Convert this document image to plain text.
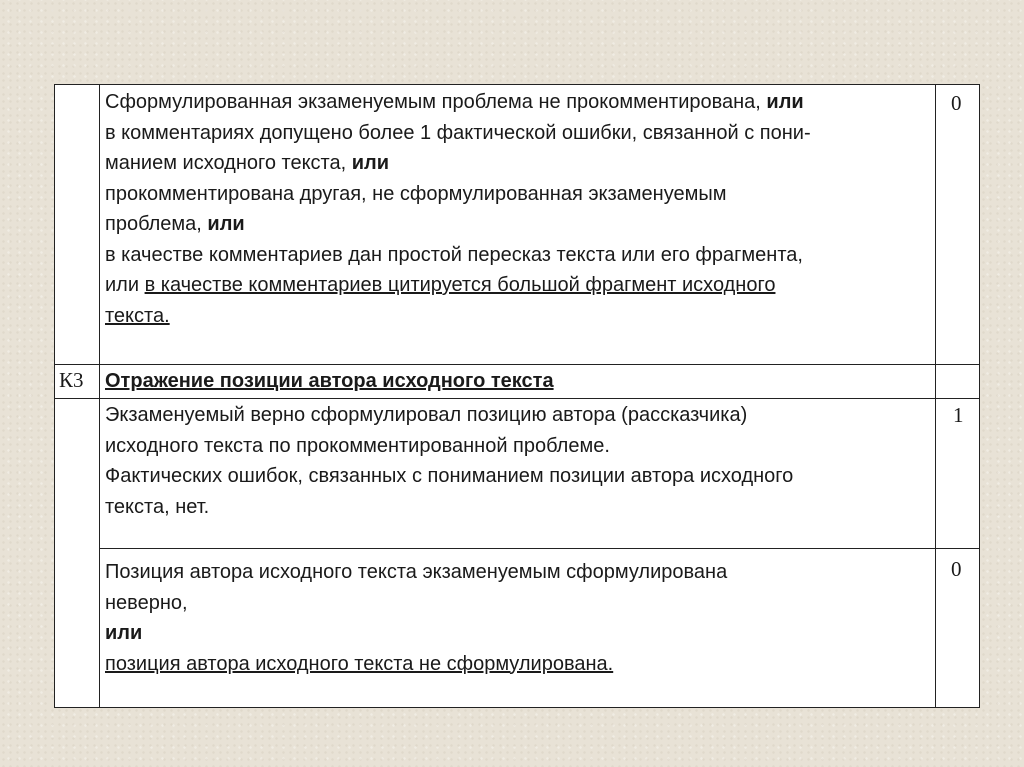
Сформулированная экзаменуемым проблема не прокомментирована, или
в комментариях допущено более 1 фактической ошибки, связанной с пони-
манием исходного текста, или
прокомментирована другая, не сформулированная экзаменуемым
проблема, или
в качестве комментариев дан простой пересказ текста или его фрагмента,
или в качестве комментариев цитируется большой фрагмент исходного
текста.
0
К3 Отражение позиции автора исходного текста
Экзаменуемый верно сформулировал позицию автора (рассказчика)
исходного текста по прокомментированной проблеме.
Фактических ошибок, связанных с пониманием позиции автора исходного
текста, нет.
1
Позиция автора исходного текста экзаменуемым сформулирована
неверно,
или
позиция автора исходного текста не сформулирована.
0
